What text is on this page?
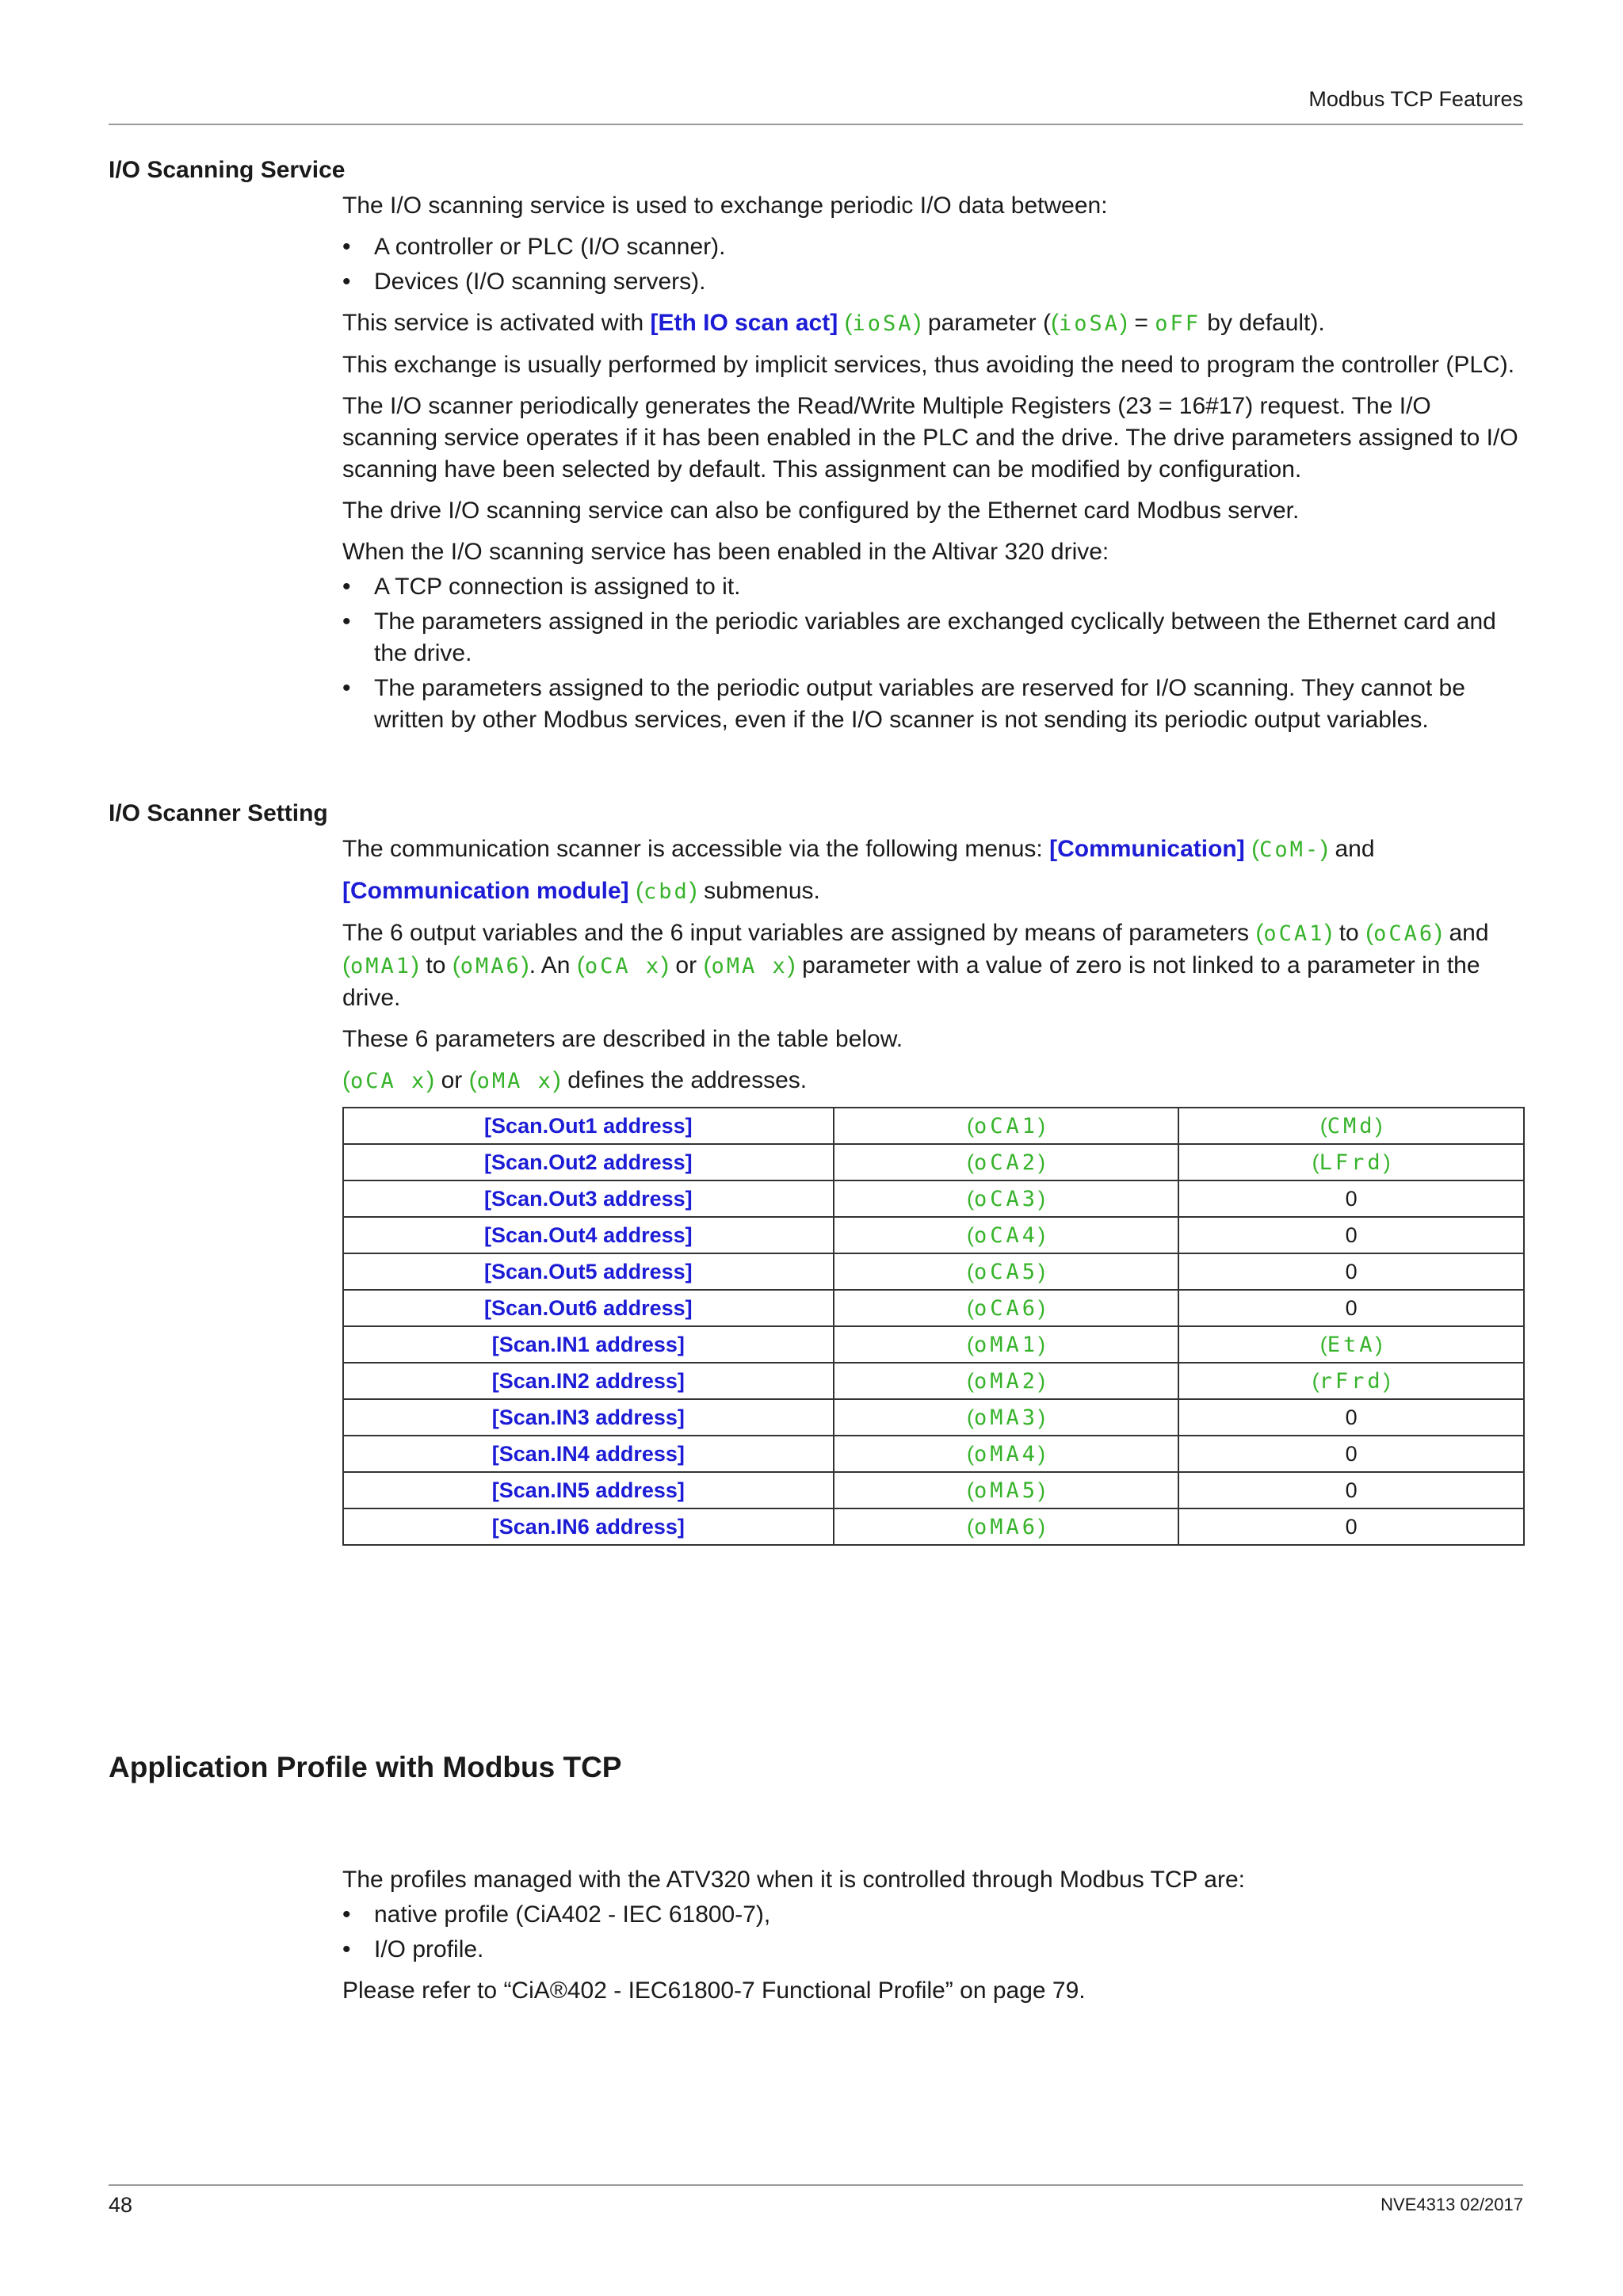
Modbus TCP Features
I/O Scanning Service

The I/O scanning service is used to exchange periodic I/O data between:

• A controller or PLC (I/O scanner).
• Devices (I/O scanning servers).

This service is activated with [Eth IO scan act] (ioSA) parameter ((ioSA) = oFF by default).

This exchange is usually performed by implicit services, thus avoiding the need to program the controller (PLC).

The I/O scanner periodically generates the Read/Write Multiple Registers (23 = 16#17) request. The I/O scanning service operates if it has been enabled in the PLC and the drive. The drive parameters assigned to I/O scanning have been selected by default. This assignment can be modified by configuration.

The drive I/O scanning service can also be configured by the Ethernet card Modbus server.

When the I/O scanning service has been enabled in the Altivar 320 drive:

• A TCP connection is assigned to it.
• The parameters assigned in the periodic variables are exchanged cyclically between the Ethernet card and the drive.
• The parameters assigned to the periodic output variables are reserved for I/O scanning. They cannot be written by other Modbus services, even if the I/O scanner is not sending its periodic output variables.
I/O Scanner Setting

The communication scanner is accessible via the following menus: [Communication] (CoM-) and

[Communication module] (cbd) submenus.

The 6 output variables and the 6 input variables are assigned by means of parameters (oCA1) to (oCA6) and (oMA1) to (oMA6). An (oCA x) or (oMA x) parameter with a value of zero is not linked to a parameter in the drive.

These 6 parameters are described in the table below.

(oCA x) or (oMA x) defines the addresses.

[Scan.Out1 address]	(oCA1)	(CMd)
[Scan.Out2 address]	(oCA2)	(LFrd)
[Scan.Out3 address]	(oCA3)	0
[Scan.Out4 address]	(oCA4)	0
[Scan.Out5 address]	(oCA5)	0
[Scan.Out6 address]	(oCA6)	0
[Scan.IN1 address]	(oMA1)	(EtA)
[Scan.IN2 address]	(oMA2)	(rFrd)
[Scan.IN3 address]	(oMA3)	0
[Scan.IN4 address]	(oMA4)	0
[Scan.IN5 address]	(oMA5)	0
[Scan.IN6 address]	(oMA6)	0
Application Profile with Modbus TCP

The profiles managed with the ATV320 when it is controlled through Modbus TCP are:

• native profile (CiA402 - IEC 61800-7),
• I/O profile.

Please refer to “CiA®402 - IEC61800-7 Functional Profile” on page 79.

48	NVE4313 02/2017
